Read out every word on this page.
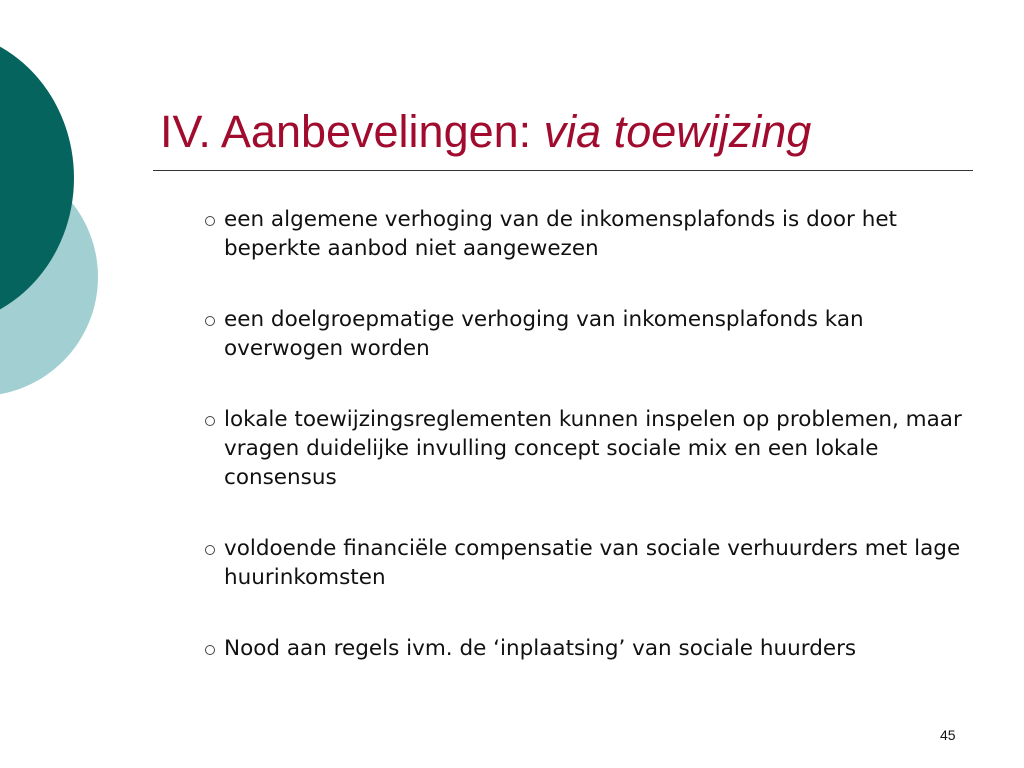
IV. Aanbevelingen: via toewijzing
een algemene verhoging van de inkomensplafonds is door het beperkte aanbod niet aangewezen
een doelgroepmatige verhoging van inkomensplafonds kan overwogen worden
lokale toewijzingsreglementen kunnen inspelen op problemen, maar vragen duidelijke invulling concept sociale mix en een lokale consensus
voldoende financiële compensatie van sociale verhuurders met lage huurinkomsten
Nood aan regels ivm. de ‘inplaatsing’ van sociale huurders
45
